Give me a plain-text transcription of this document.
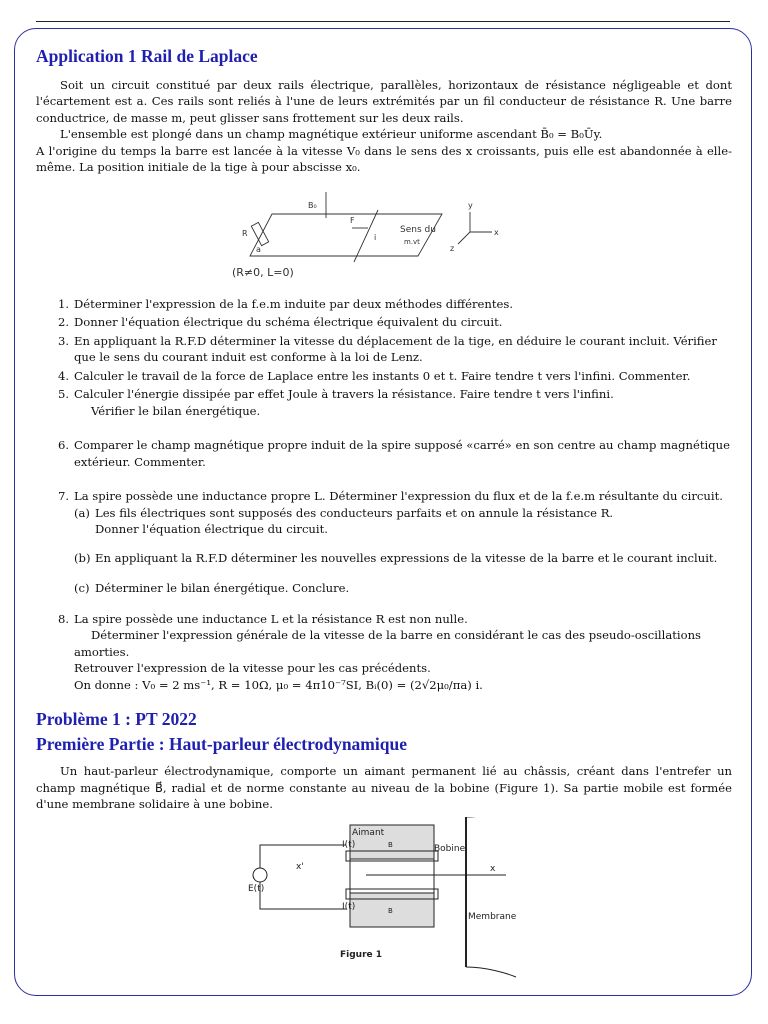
Application 1 Rail de Laplace

Soit un circuit constitué par deux rails électrique, parallèles, horizontaux de résistance négligeable et dont l'écartement est a. Ces rails sont reliés à l'une de leurs extrémités par un fil conducteur de résistance R. Une barre conductrice, de masse m, peut glisser sans frottement sur les deux rails.

L'ensemble est plongé dans un champ magnétique extérieur uniforme ascendant B̄₀ = B₀Ūy.

A l'origine du temps la barre est lancée à la vitesse V₀ dans le sens des x croissants, puis elle est abandonnée à elle-même. La position initiale de la tige à pour abscisse x₀.

B₀
R
a
F
i
Sens du
m.vt
(R≠0, L=0)
y
x
z
1. Déterminer l'expression de la f.e.m induite par deux méthodes différentes.
2. Donner l'équation électrique du schéma électrique équivalent du circuit.
3. En appliquant la R.F.D déterminer la vitesse du déplacement de la tige, en déduire le courant incluit. Vérifier que le sens du courant induit est conforme à la loi de Lenz.
4. Calculer le travail de la force de Laplace entre les instants 0 et t. Faire tendre t vers l'infini. Commenter.
5. Calculer l'énergie dissipée par effet Joule à travers la résistance. Faire tendre t vers l'infini.
Vérifier le bilan énergétique.
6. Comparer le champ magnétique propre induit de la spire supposé «carré» en son centre au champ magnétique extérieur. Commenter.
7. La spire possède une inductance propre L. Déterminer l'expression du flux et de la f.e.m résultante du circuit.
(a) Les fils électriques sont supposés des conducteurs parfaits et on annule la résistance R.
Donner l'équation électrique du circuit.
(b) En appliquant la R.F.D déterminer les nouvelles expressions de la vitesse de la barre et le courant incluit.
(c) Déterminer le bilan énergétique. Conclure.
8. La spire possède une inductance L et la résistance R est non nulle.
Déterminer l'expression générale de la vitesse de la barre en considérant le cas des pseudo-oscillations amorties.
Retrouver l'expression de la vitesse pour les cas précédents.
On donne : V₀ = 2 ms⁻¹, R = 10Ω, μ₀ = 4π10⁻⁷SI, Bᵢ(0) = (2√2μ₀/πa) i.
Problème 1 : PT 2022
Première Partie : Haut-parleur électrodynamique

Un haut-parleur électrodynamique, comporte un aimant permanent lié au châssis, créant dans l'entrefer un champ magnétique B⃗, radial et de norme constante au niveau de la bobine (Figure 1). Sa partie mobile est formée d'une membrane solidaire à une bobine.

Aimant
Bobine
x'	x
I(t)
I(t)
B
B
E(t)
Membrane
Figure 1
